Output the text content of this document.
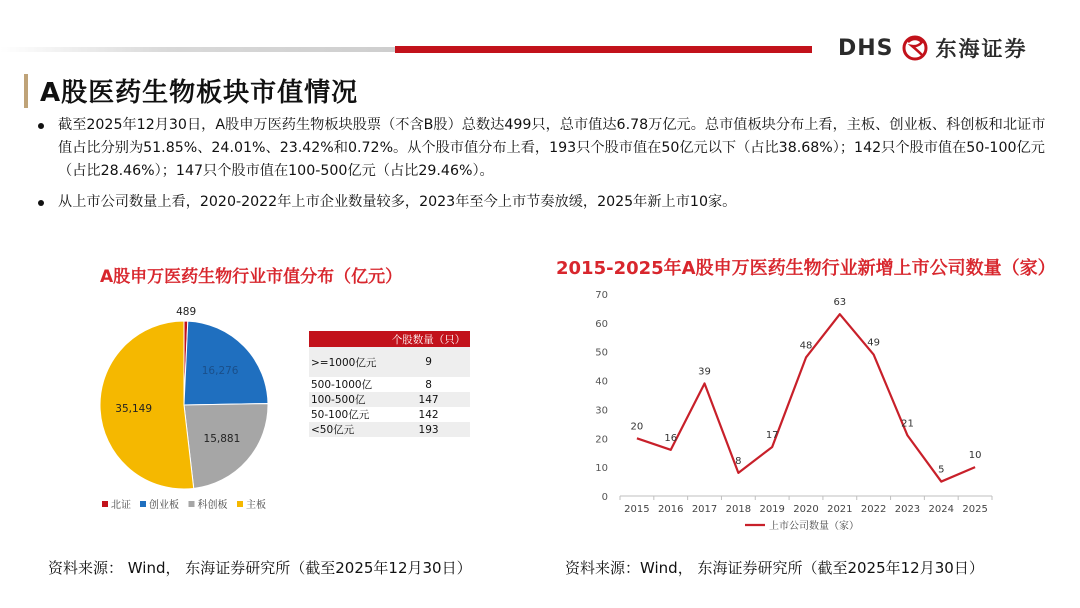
DHS 东海证券
A股医药生物板块市值情况
截至2025年12月30日，A股申万医药生物板块股票（不含B股）总数达499只，总市值达6.78万亿元。总市值板块分布上看，主板、创业板、科创板和北证市值占比分别为51.85%、24.01%、23.42%和0.72%。从个股市值分布上看，193只个股市值在50亿元以下（占比38.68%）；142只个股市值在50-100亿元（占比28.46%）；147只个股市值在100-500亿元（占比29.46%）。
从上市公司数量上看，2020-2022年上市企业数量较多，2023年至今上市节奏放缓，2025年新上市10家。
A股申万医药生物行业市值分布（亿元）	2015-2025年A股申万医药生物行业新增上市公司数量（家）
489
16,276
15,881
35,149
北证 创业板 科创板 主板
	个股数量（只）
>=1000亿元	9
500-1000亿	8
100-500亿	147
50-100亿元	142
<50亿元	193
0
10
20
30
40
50
60
70
2015 2016 2017 2018 2019 2020 2021 2022 2023 2024 2025
20
16
39
8
17
48
63
49
21
5
10
上市公司数量（家）
资料来源： Wind， 东海证券研究所（截至2025年12月30日）	资料来源：Wind， 东海证券研究所（截至2025年12月30日）
